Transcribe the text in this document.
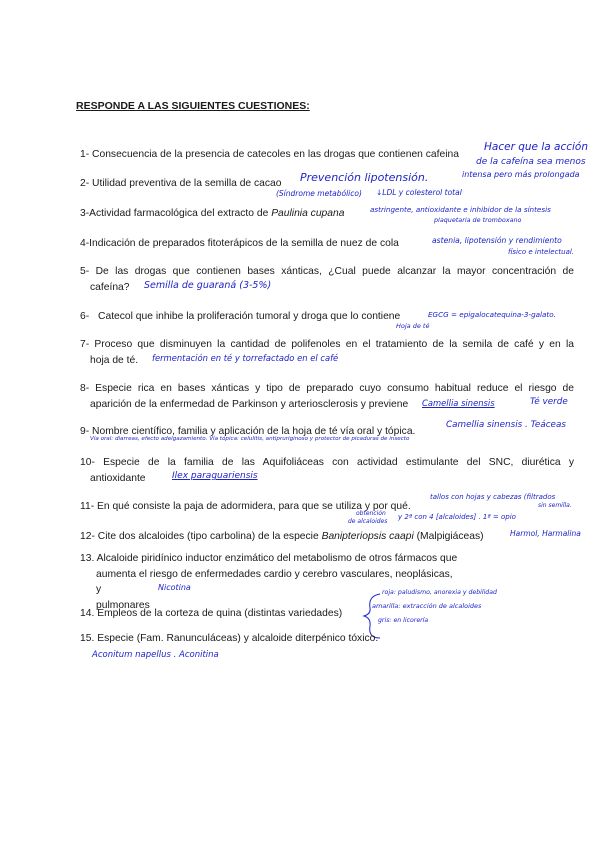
RESPONDE A LAS SIGUIENTES CUESTIONES:
1- Consecuencia de la presencia de catecoles en las drogas que contienen cafeina
Hacer que la acción
de la cafeína sea menos
intensa pero más prolongada
2- Utilidad preventiva de la semilla de cacao Prevención lipotensión.
(Síndrome metabólico) ↓LDL y colesterol total
3-Actividad farmacológica del extracto de Paulinia cupana	astringente, antioxidante e inhibidor de la síntesis
plaquetaria de tromboxano
4-Indicación de preparados fitoterápicos de la semilla de nuez de cola	astenia, lipotensión y rendimiento
físico e intelectual.
5- De las drogas que contienen bases xánticas, ¿Cual puede alcanzar la mayor concentración de
cafeína?	Semilla de guaraná (3-5%)
6- Catecol que inhibe la proliferación tumoral y droga que lo contiene	EGCG = epigalocatequina-3-galato.
Hoja de té
7- Proceso que disminuyen la cantidad de polifenoles en el tratamiento de la semila de café y en la
hoja de té.	fermentación en té y torrefactado en el café
8- Especie rica en bases xánticas y tipo de preparado cuyo consumo habitual reduce el riesgo de
aparición de la enfermedad de Parkinson y arteriosclerosis y previene	Camellia sinensis	Té verde
9- Nombre científico, familia y aplicación de la hoja de té vía oral y tópica.
Camellia sinensis . Teáceas
Vía oral: diarreas, efecto adelgazamiento. Vía tópica: celulitis, antipruriginoso y protector de picaduras de insecto
10- Especie de la familia de las Aquifoliáceas con actividad estimulante del SNC, diurética y
antioxidante	Ilex paraguariensis
11- En qué consiste la paja de adormidera, para que se utiliza y por qué.
tallos con hojas y cabezas (filtrados
sin semilla.
obtención
de alcaloides
y 2ª con 4 [alcaloides] . 1ª = opio
12- Cite dos alcaloides (tipo carbolina) de la especie Banipteriopsis caapi (Malpigiáceas)	Harmol, Harmalina
13. Alcaloide piridínico inductor enzimático del metabolismo de otros fármacos que
aumenta el riesgo de enfermedades cardio y cerebro vasculares, neoplásicas, y
pulmonares
Nicotina
14. Empleos de la corteza de quina (distintas variedades)
roja: paludismo, anorexia y debilidad
amarilla: extracción de alcaloides
gris: en licorería
15. Especie (Fam. Ranunculáceas) y alcaloide diterpénico tóxico.
Aconitum napellus . Aconitina
